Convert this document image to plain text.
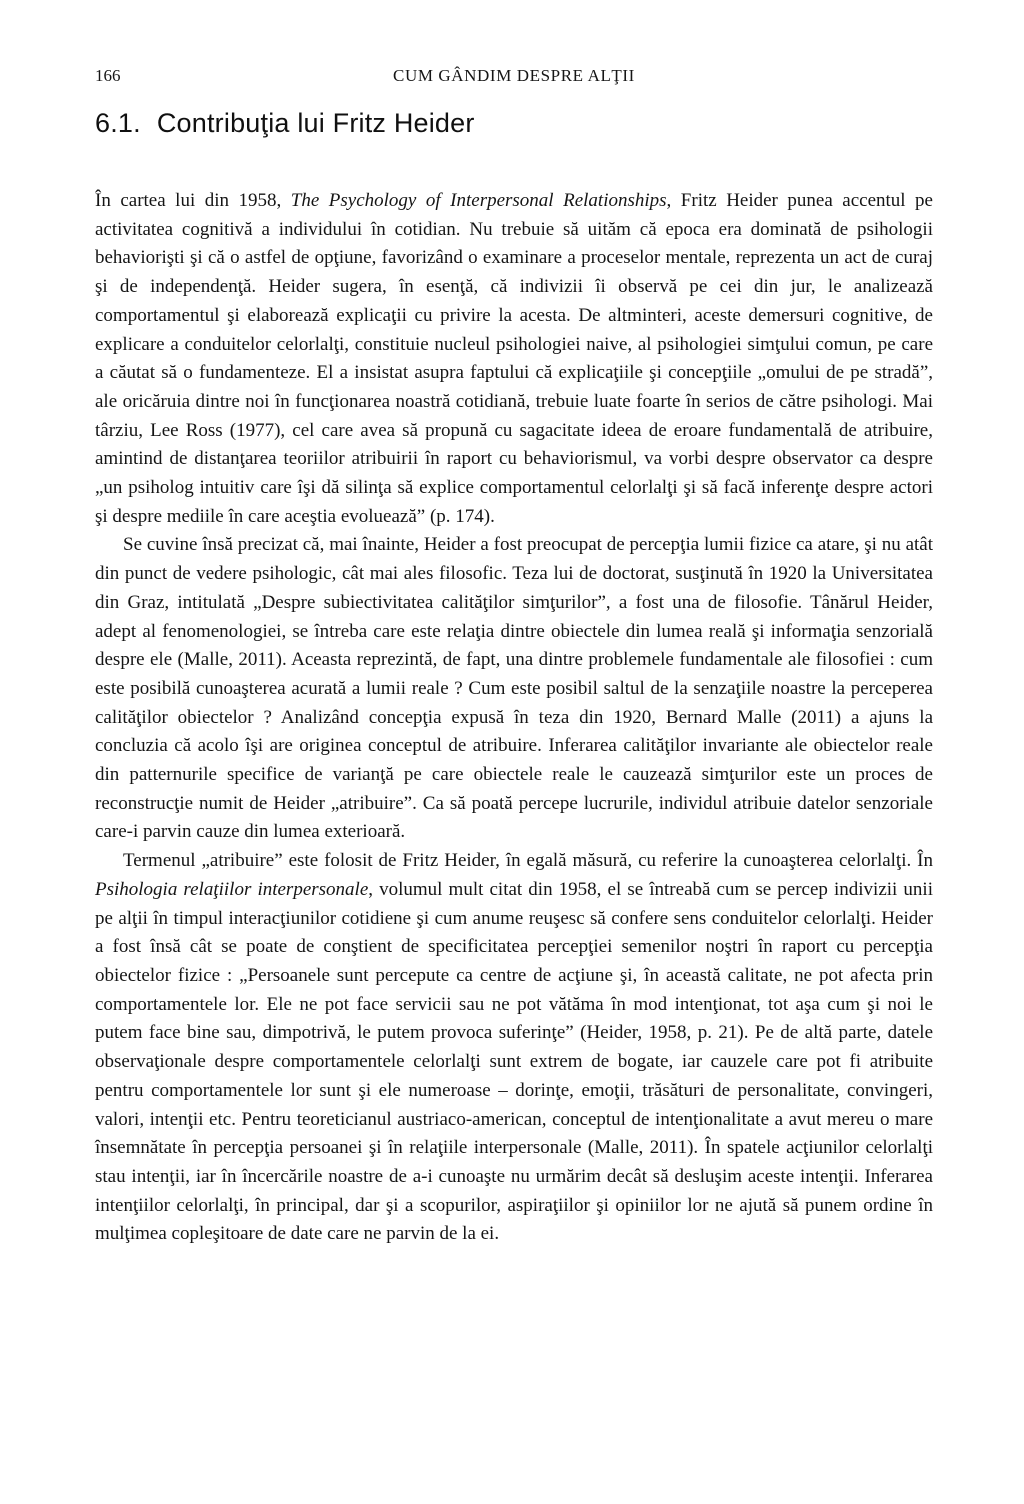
166	CUM GÂNDIM DESPRE ALŢII
6.1. Contribuţia lui Fritz Heider

În cartea lui din 1958, The Psychology of Interpersonal Relationships, Fritz Heider punea accentul pe activitatea cognitivă a individului în cotidian. Nu trebuie să uităm că epoca era dominată de psihologii behaviorişti şi că o astfel de opţiune, favorizând o examinare a proceselor mentale, reprezenta un act de curaj şi de independenţă. Heider sugera, în esenţă, că indivizii îi observă pe cei din jur, le analizează comportamentul şi elaborează explicaţii cu privire la acesta. De altminteri, aceste demersuri cognitive, de explicare a conduitelor celorlalţi, constituie nucleul psihologiei naive, al psihologiei simţului comun, pe care a căutat să o fundamenteze. El a insistat asupra faptului că explicaţiile şi concepţiile „omului de pe stradă”, ale oricăruia dintre noi în funcţionarea noastră cotidiană, trebuie luate foarte în serios de către psihologi. Mai târziu, Lee Ross (1977), cel care avea să propună cu sagacitate ideea de eroare fundamentală de atribuire, amintind de distanţarea teoriilor atribuirii în raport cu behaviorismul, va vorbi despre observator ca despre „un psiholog intuitiv care îşi dă silinţa să explice comportamentul celorlalţi şi să facă inferenţe despre actori şi despre mediile în care aceştia evoluează” (p. 174).

Se cuvine însă precizat că, mai înainte, Heider a fost preocupat de percepţia lumii fizice ca atare, şi nu atât din punct de vedere psihologic, cât mai ales filosofic. Teza lui de doctorat, susţinută în 1920 la Universitatea din Graz, intitulată „Despre subiectivitatea calităţilor simţurilor”, a fost una de filosofie. Tânărul Heider, adept al fenomenologiei, se întreba care este relaţia dintre obiectele din lumea reală şi informaţia senzorială despre ele (Malle, 2011). Aceasta reprezintă, de fapt, una dintre problemele fundamentale ale filosofiei : cum este posibilă cunoaşterea acurată a lumii reale ? Cum este posibil saltul de la senzaţiile noastre la perceperea calităţilor obiectelor ? Analizând concepţia expusă în teza din 1920, Bernard Malle (2011) a ajuns la concluzia că acolo îşi are originea conceptul de atribuire. Inferarea calităţilor invariante ale obiectelor reale din patternurile specifice de varianţă pe care obiectele reale le cauzează simţurilor este un proces de reconstrucţie numit de Heider „atribuire”. Ca să poată percepe lucrurile, individul atribuie datelor senzoriale care-i parvin cauze din lumea exterioară.

Termenul „atribuire” este folosit de Fritz Heider, în egală măsură, cu referire la cunoaşterea celorlalţi. În Psihologia relaţiilor interpersonale, volumul mult citat din 1958, el se întreabă cum se percep indivizii unii pe alţii în timpul interacţiunilor cotidiene şi cum anume reuşesc să confere sens conduitelor celorlalţi. Heider a fost însă cât se poate de conştient de specificitatea percepţiei semenilor noştri în raport cu percepţia obiectelor fizice : „Persoanele sunt percepute ca centre de acţiune şi, în această calitate, ne pot afecta prin comportamentele lor. Ele ne pot face servicii sau ne pot vătăma în mod intenţionat, tot aşa cum şi noi le putem face bine sau, dimpotrivă, le putem provoca suferinţe” (Heider, 1958, p. 21). Pe de altă parte, datele observaţionale despre comportamentele celorlalţi sunt extrem de bogate, iar cauzele care pot fi atribuite pentru comportamentele lor sunt şi ele numeroase – dorinţe, emoţii, trăsături de personalitate, convingeri, valori, intenţii etc. Pentru teoreticianul austriaco-american, conceptul de intenţionalitate a avut mereu o mare însemnătate în percepţia persoanei şi în relaţiile interpersonale (Malle, 2011). În spatele acţiunilor celorlalţi stau intenţii, iar în încercările noastre de a-i cunoaşte nu urmărim decât să desluşim aceste intenţii. Inferarea intenţiilor celorlalţi, în principal, dar şi a scopurilor, aspiraţiilor şi opiniilor lor ne ajută să punem ordine în mulţimea copleşitoare de date care ne parvin de la ei.
